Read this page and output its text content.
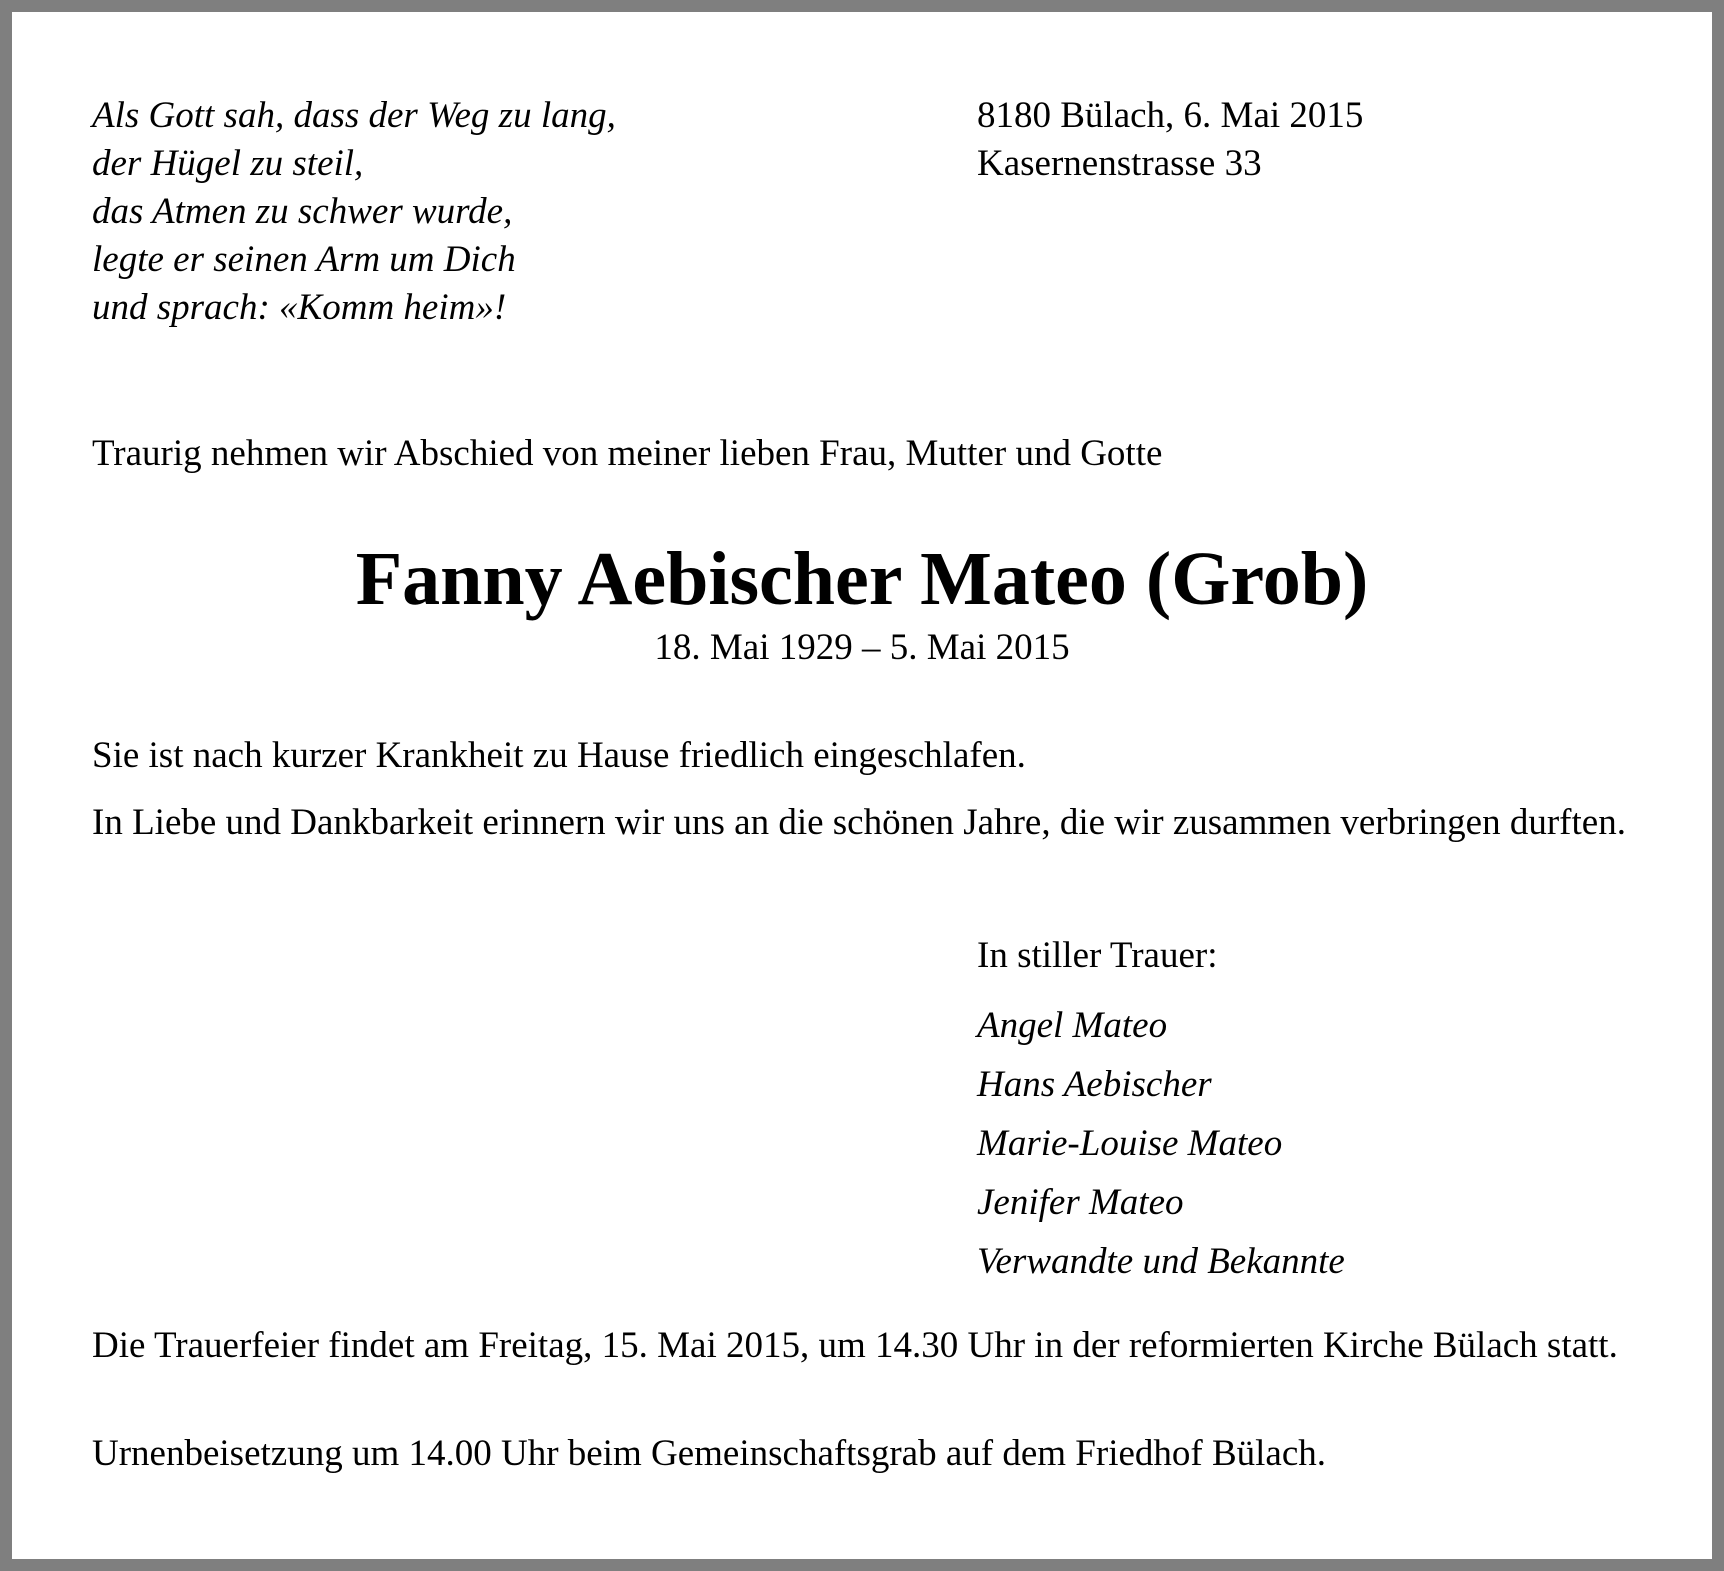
Als Gott sah, dass der Weg zu lang,
der Hügel zu steil,
das Atmen zu schwer wurde,
legte er seinen Arm um Dich
und sprach: «Komm heim»!
8180 Bülach, 6. Mai 2015
Kasernenstrasse 33

Traurig nehmen wir Abschied von meiner lieben Frau, Mutter und Gotte

Fanny Aebischer Mateo (Grob)

18. Mai 1929 – 5. Mai 2015

Sie ist nach kurzer Krankheit zu Hause friedlich eingeschlafen.

In Liebe und Dankbarkeit erinnern wir uns an die schönen Jahre, die wir zusammen verbringen durften.

In stiller Trauer:

Angel Mateo
Hans Aebischer
Marie-Louise Mateo
Jenifer Mateo
Verwandte und Bekannte

Die Trauerfeier findet am Freitag, 15. Mai 2015, um 14.30 Uhr in der reformierten Kirche Bülach statt.

Urnenbeisetzung um 14.00 Uhr beim Gemeinschaftsgrab auf dem Friedhof Bülach.
